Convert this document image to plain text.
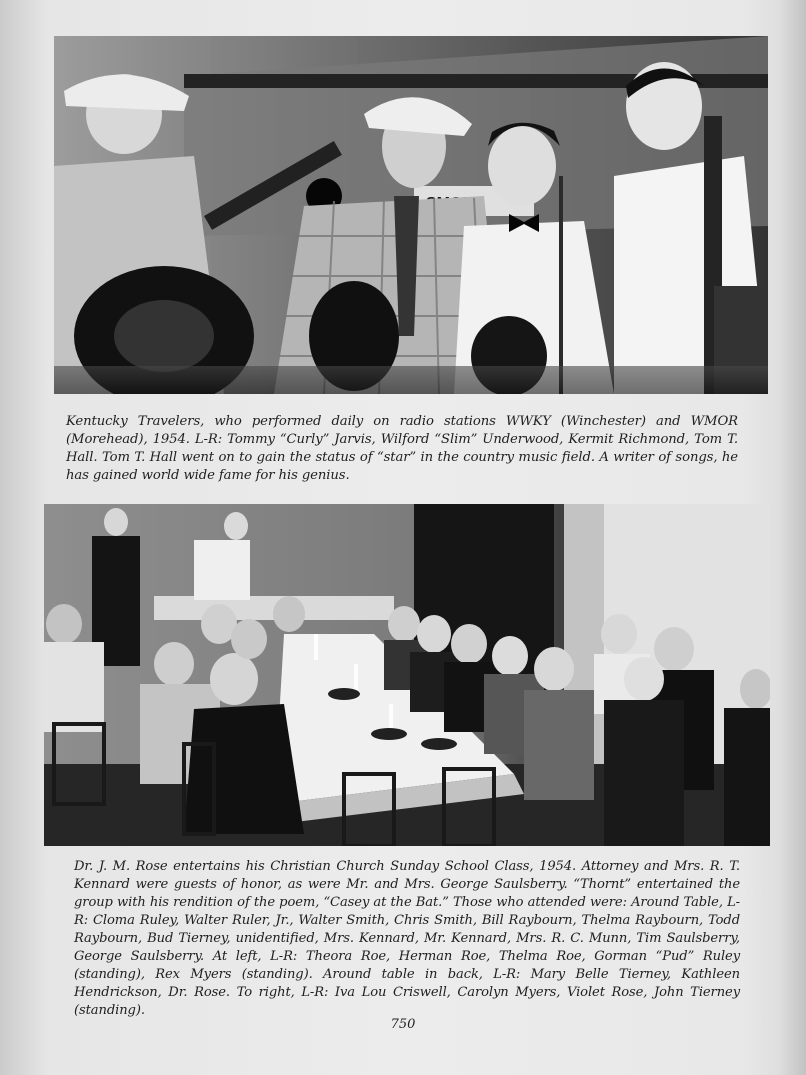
Kentucky Travelers, who performed daily on radio stations WWKY (Winchester) and WMOR (Morehead), 1954. L-R: Tommy “Curly” Jarvis, Wilford “Slim” Underwood, Kermit Richmond, Tom T. Hall. Tom T. Hall went on to gain the status of “star” in the country music field. A writer of songs, he has gained world wide fame for his genius.

Dr. J. M. Rose entertains his Christian Church Sunday School Class, 1954. Attorney and Mrs. R. T. Kennard were guests of honor, as were Mr. and Mrs. George Saulsberry. “Thornt” entertained the group with his rendition of the poem, “Casey at the Bat.” Those who attended were: Around Table, L-R: Cloma Ruley, Walter Ruler, Jr., Walter Smith, Chris Smith, Bill Raybourn, Thelma Raybourn, Todd Raybourn, Bud Tierney, unidentified, Mrs. Kennard, Mr. Kennard, Mrs. R. C. Munn, Tim Saulsberry, George Saulsberry. At left, L-R: Theora Roe, Herman Roe, Thelma Roe, Gorman “Pud” Ruley (standing), Rex Myers (standing). Around table in back, L-R: Mary Belle Tierney, Kathleen Hendrickson, Dr. Rose. To right, L-R: Iva Lou Criswell, Carolyn Myers, Violet Rose, John Tierney (standing).

750
